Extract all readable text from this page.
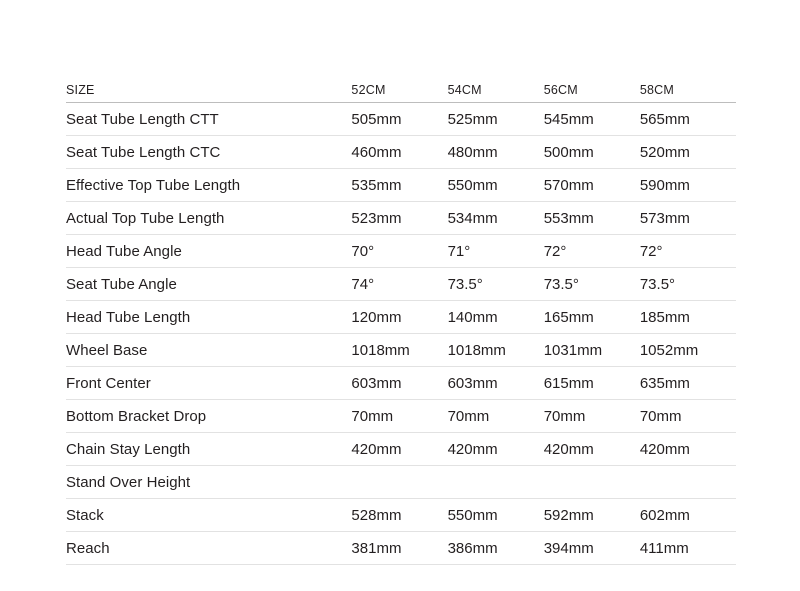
SIZE	52CM	54CM	56CM	58CM
Seat Tube Length CTT	505mm	525mm	545mm	565mm
Seat Tube Length CTC	460mm	480mm	500mm	520mm
Effective Top Tube Length	535mm	550mm	570mm	590mm
Actual Top Tube Length	523mm	534mm	553mm	573mm
Head Tube Angle	70°	71°	72°	72°
Seat Tube Angle	74°	73.5°	73.5°	73.5°
Head Tube Length	120mm	140mm	165mm	185mm
Wheel Base	1018mm	1018mm	1031mm	1052mm
Front Center	603mm	603mm	615mm	635mm
Bottom Bracket Drop	70mm	70mm	70mm	70mm
Chain Stay Length	420mm	420mm	420mm	420mm
Stand Over Height				
Stack	528mm	550mm	592mm	602mm
Reach	381mm	386mm	394mm	411mm
